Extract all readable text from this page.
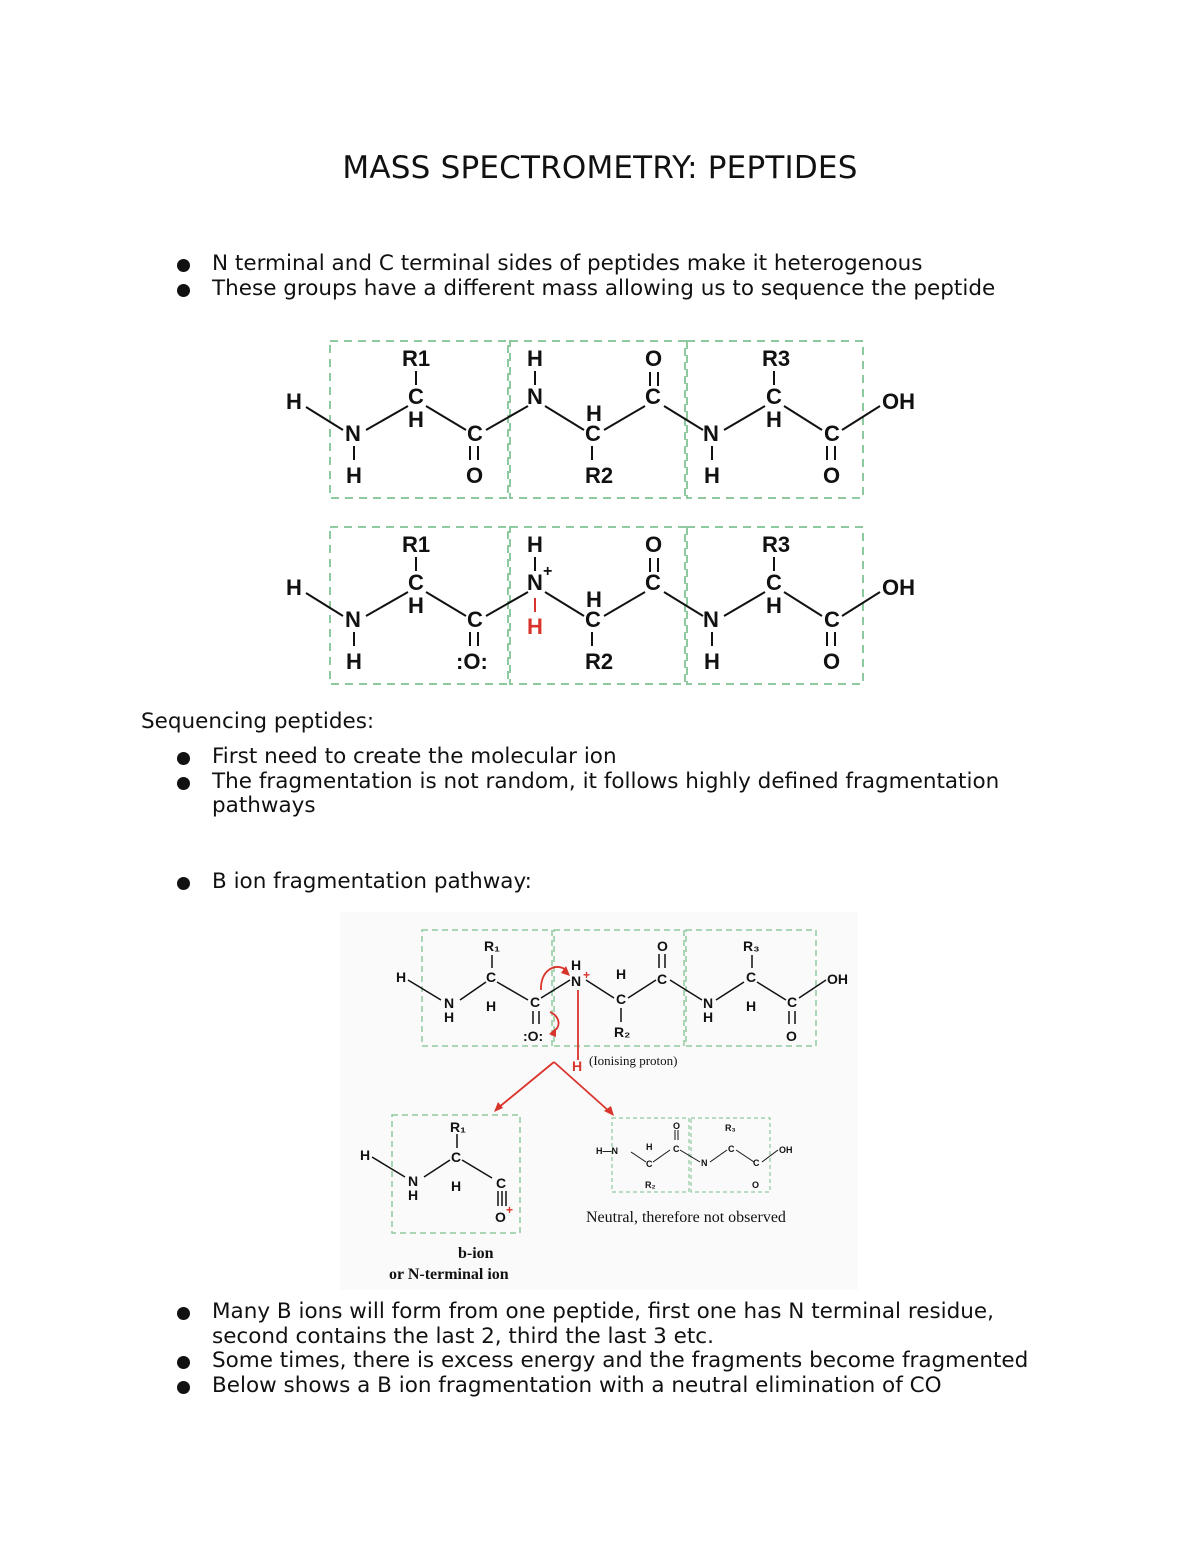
MASS SPECTROMETRY: PEPTIDES
N terminal and C terminal sides of peptides make it heterogenous
These groups have a different mass allowing us to sequence the peptide
H
N
H
R1
C
H
C
O
H
N
H
C
R2
O
C
N
H
R3
C
H
C
O
OH
H
N
H
R1
C
H
C
:O:
H
N +
H
H
C
R2
O
C
N
H
R3
C
H
C
O
OH
H
N
H
R₁
C
H C
:O:
H
N + H
C
R₂
O
C
N
H
R₃
C
H C
O
OH
H (Ionising proton)
H
N
H
R₁
C
H C
O +
b-ion
or N-terminal ion
H—N	H
C
R₂
O
C
N
R₃
C
C
O
OH
Neutral, therefore not observed
Sequencing peptides:
First need to create the molecular ion
The fragmentation is not random, it follows highly defined fragmentation pathways
B ion fragmentation pathway:
Many B ions will form from one peptide, first one has N terminal residue, second contains the last 2, third the last 3 etc.
Some times, there is excess energy and the fragments become fragmented
Below shows a B ion fragmentation with a neutral elimination of CO
